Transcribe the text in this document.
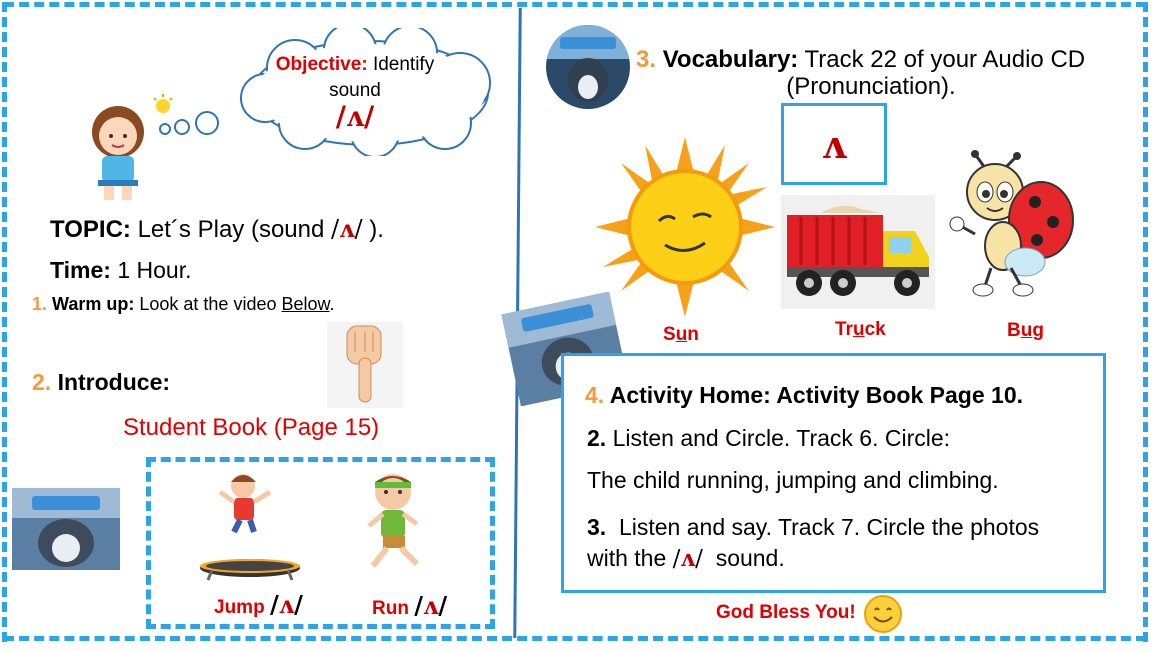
Objective: Identify
sound
/ʌ/
TOPIC: Let´s Play (sound /ʌ/ ).
Time: 1 Hour.
1. Warm up: Look at the video Below.
2. Introduce:
Student Book (Page 15)
Jump /ʌ/	Run /ʌ/
3. Vocabulary: Track 22 of your Audio CD
(Pronunciation).
ʌ
Sun	Truck	Bug
4. Activity Home: Activity Book Page 10.
2. Listen and Circle. Track 6. Circle:
The child running, jumping and climbing.
3. Listen and say. Track 7. Circle the photos
with the /ʌ/ sound.
God Bless You!
